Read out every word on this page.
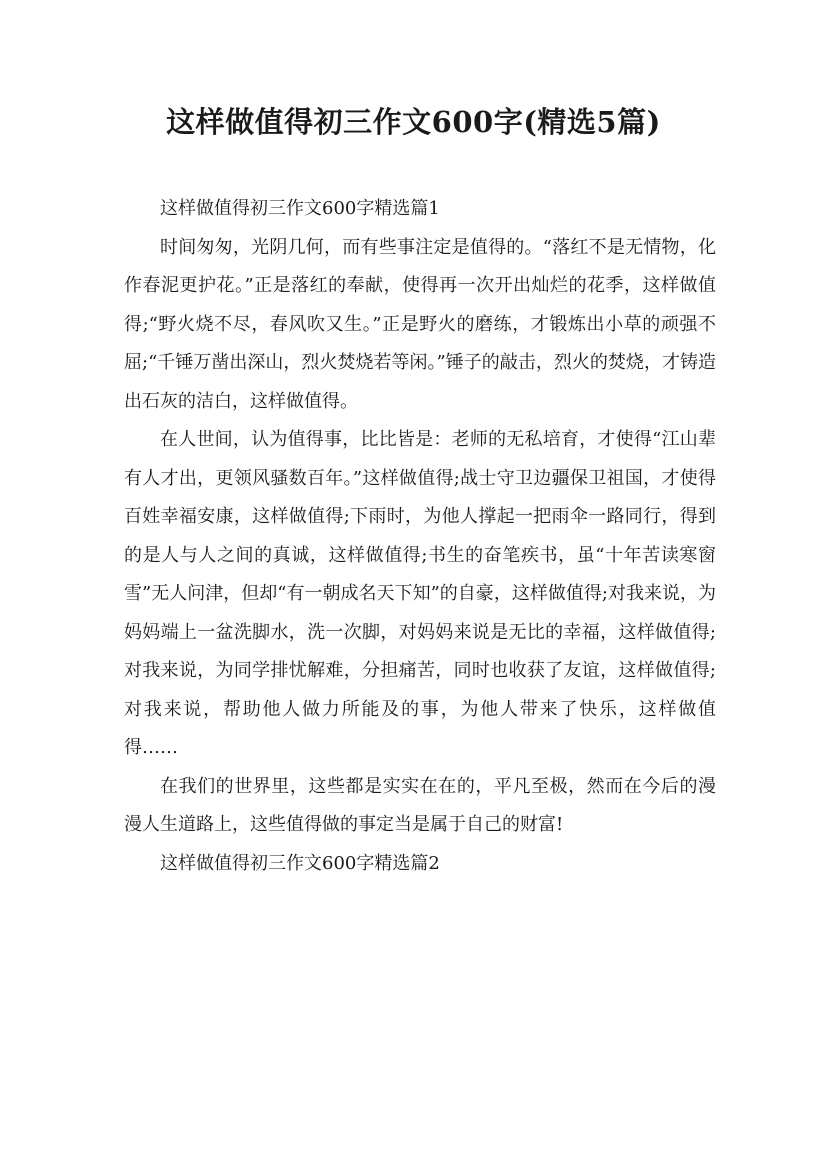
这样做值得初三作文600字(精选5篇)

这样做值得初三作文600字精选篇1

时间匆匆，光阴几何，而有些事注定是值得的。“落红不是无情物，化作春泥更护花。”正是落红的奉献，使得再一次开出灿烂的花季，这样做值得;“野火烧不尽，春风吹又生。”正是野火的磨练，才锻炼出小草的顽强不屈;“千锤万凿出深山，烈火焚烧若等闲。”锤子的敲击，烈火的焚烧，才铸造出石灰的洁白，这样做值得。

在人世间，认为值得事，比比皆是：老师的无私培育，才使得“江山辈有人才出，更领风骚数百年。”这样做值得;战士守卫边疆保卫祖国，才使得百姓幸福安康，这样做值得;下雨时，为他人撑起一把雨伞一路同行，得到的是人与人之间的真诚，这样做值得;书生的奋笔疾书，虽“十年苦读寒窗雪”无人问津，但却“有一朝成名天下知”的自豪，这样做值得;对我来说，为妈妈端上一盆洗脚水，洗一次脚，对妈妈来说是无比的幸福，这样做值得;对我来说，为同学排忧解难，分担痛苦，同时也收获了友谊，这样做值得;对我来说，帮助他人做力所能及的事，为他人带来了快乐，这样做值得……

在我们的世界里，这些都是实实在在的，平凡至极，然而在今后的漫漫人生道路上，这些值得做的事定当是属于自己的财富!

这样做值得初三作文600字精选篇2
